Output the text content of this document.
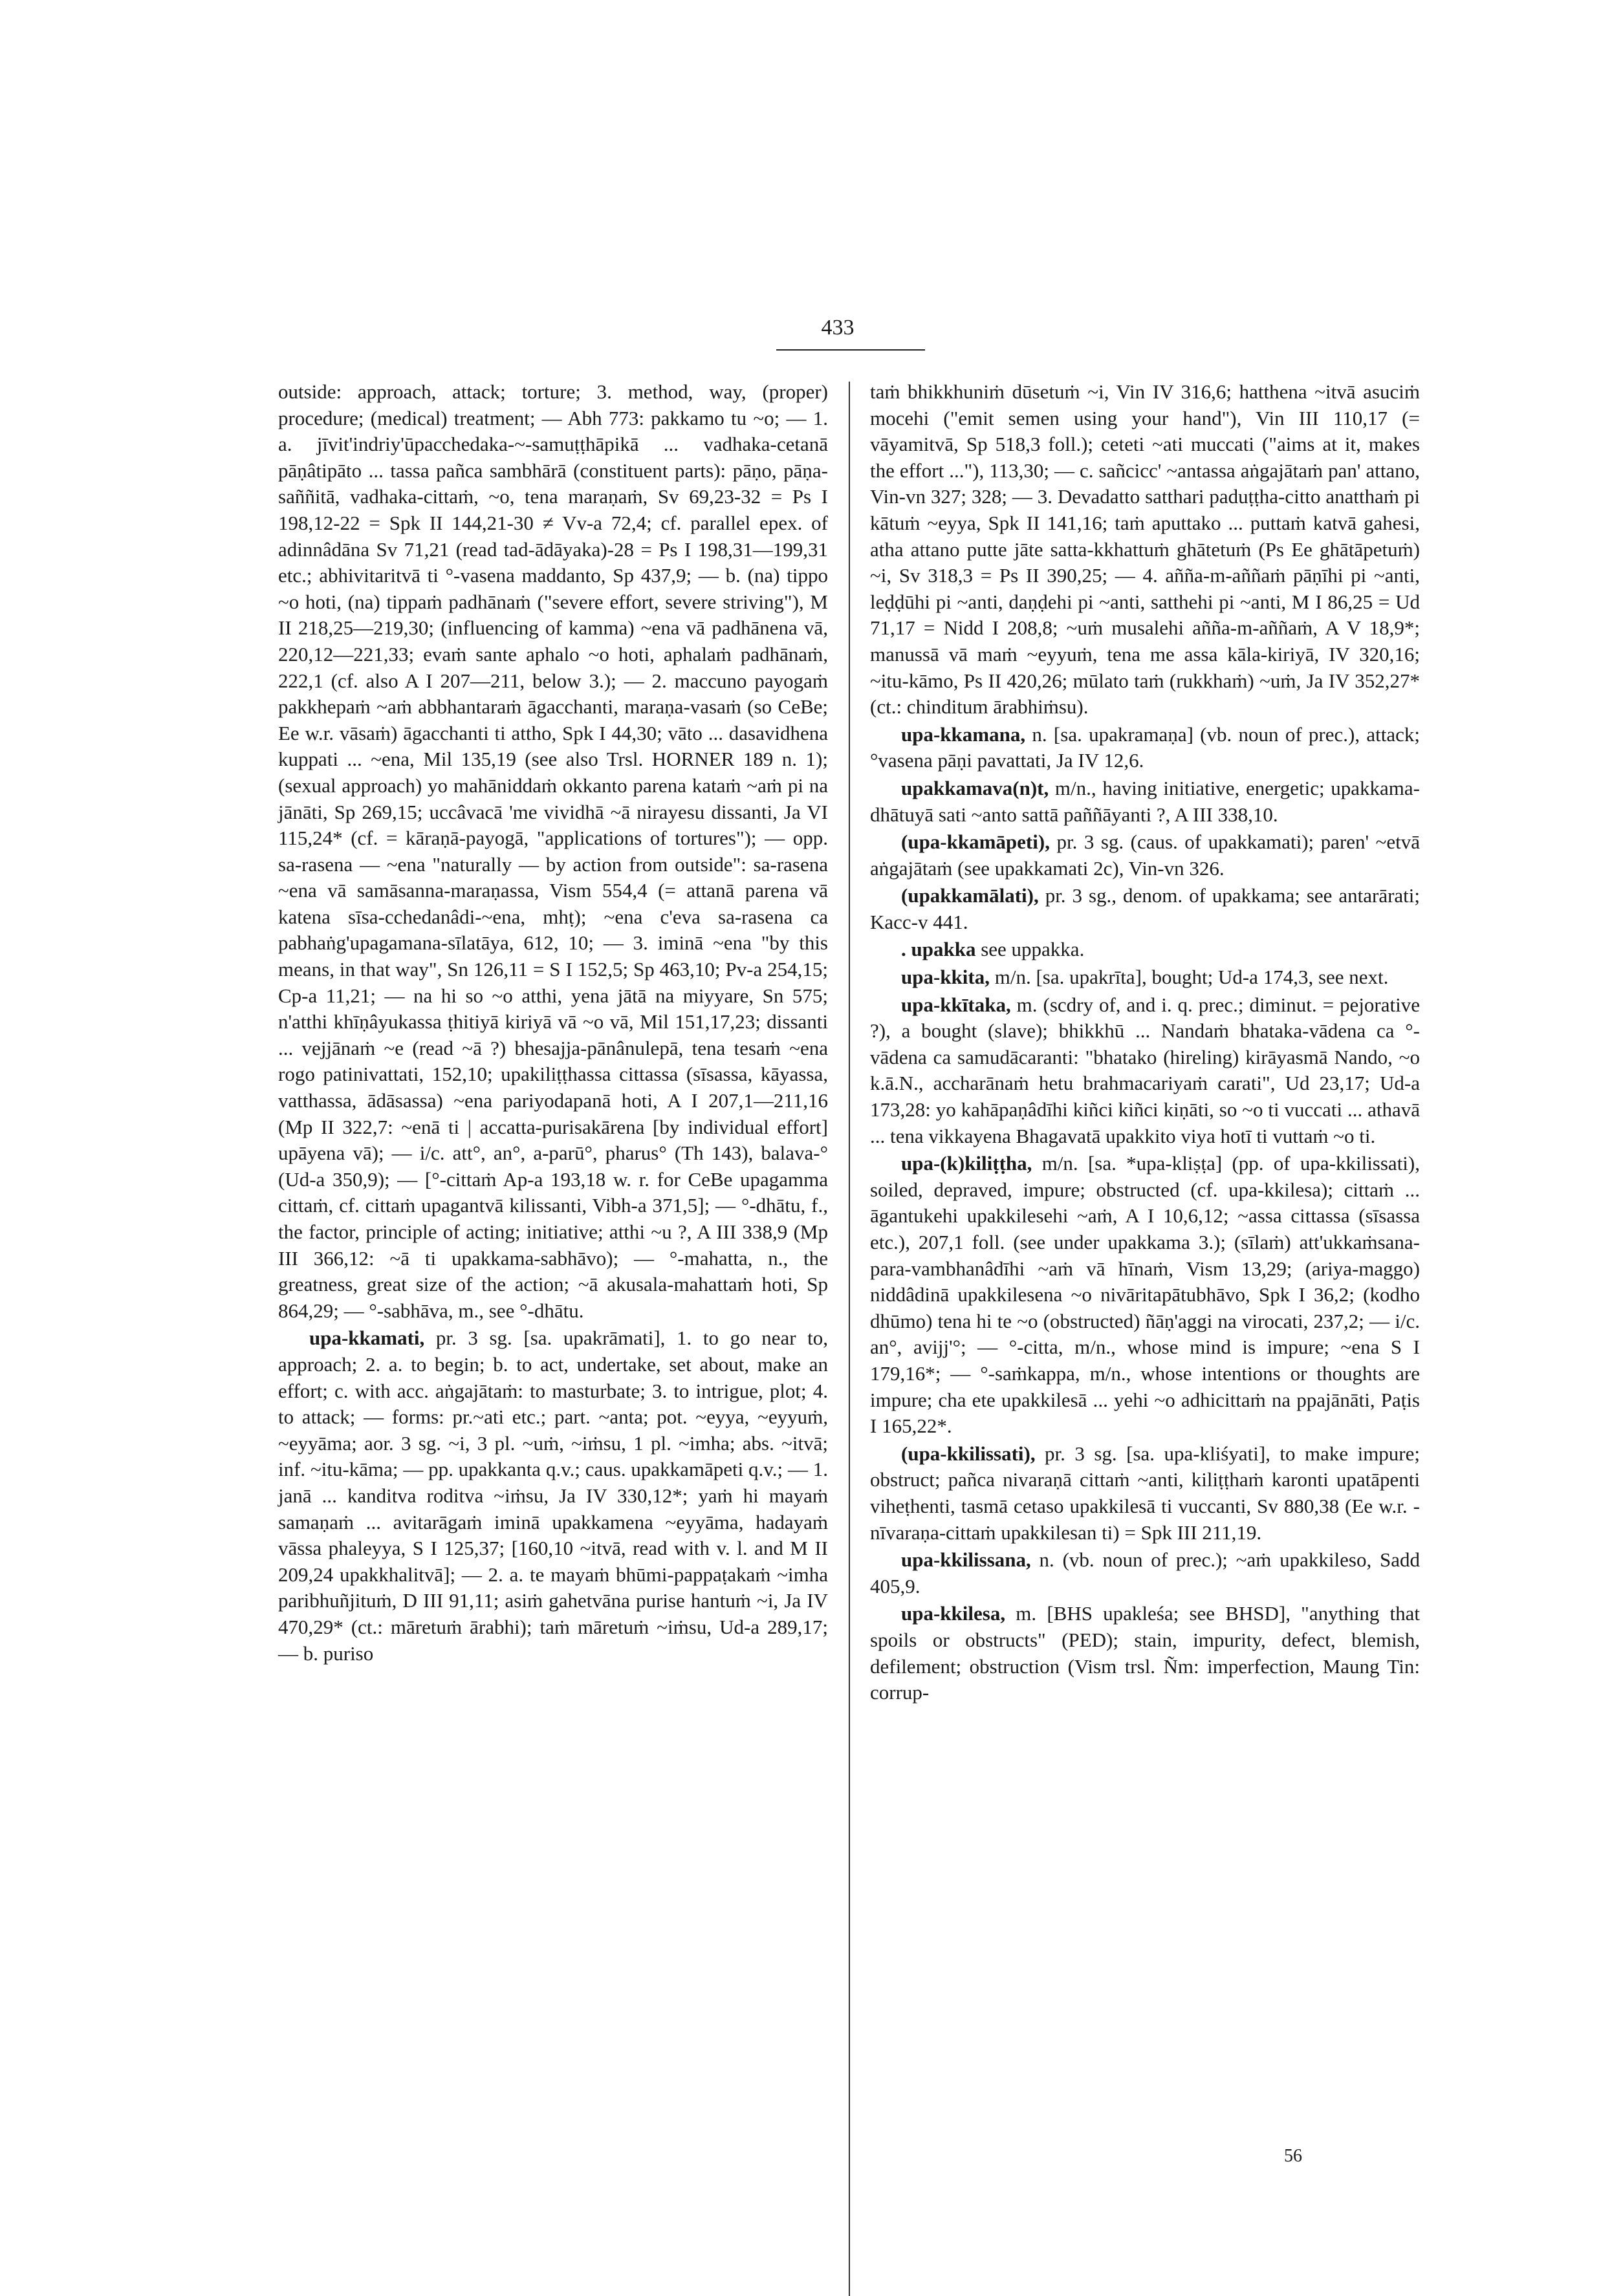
433

outside: approach, attack; torture; 3. method, way, (proper) procedure; (medical) treatment; — Abh 773: pakkamo tu ~o; — 1. a. jīvit'indriy'ūpacchedaka-~-samuṭṭhāpikā ... vadhaka-cetanā pāṇâtipāto ... tassa pañca sambhārā (constituent parts): pāṇo, pāṇa-saññitā, vadhaka-cittaṁ, ~o, tena maraṇaṁ, Sv 69,23-32 = Ps I 198,12-22 = Spk II 144,21-30 ≠ Vv-a 72,4; cf. parallel epex. of adinnâdāna Sv 71,21 (read tad-ādāyaka)-28 = Ps I 198,31—199,31 etc.; abhivitaritvā ti °-vasena maddanto, Sp 437,9; — b. (na) tippo ~o hoti, (na) tippaṁ padhānaṁ ("severe effort, severe striving"), M II 218,25—219,30; (influencing of kamma) ~ena vā padhānena vā, 220,12—221,33; evaṁ sante aphalo ~o hoti, aphalaṁ padhānaṁ, 222,1 (cf. also A I 207—211, below 3.); — 2. maccuno payogaṁ pakkhepaṁ ~aṁ abbhantaraṁ āgacchanti, maraṇa-vasaṁ (so CeBe; Ee w.r. vāsaṁ) āgacchanti ti attho, Spk I 44,30; vāto ... dasavidhena kuppati ... ~ena, Mil 135,19 (see also Trsl. HORNER 189 n. 1); (sexual approach) yo mahāniddaṁ okkanto parena kataṁ ~aṁ pi na jānāti, Sp 269,15; uccâvacā 'me vividhā ~ā nirayesu dissanti, Ja VI 115,24* (cf. = kāraṇā-payogā, "applications of tortures"); — opp. sa-rasena — ~ena "naturally — by action from outside": sa-rasena ~ena vā samāsanna-maraṇassa, Vism 554,4 (= attanā parena vā katena sīsa-cchedanâdi-~ena, mhṭ); ~ena c'eva sa-rasena ca pabhaṅg'upagamana-sīlatāya, 612, 10; — 3. iminā ~ena "by this means, in that way", Sn 126,11 = S I 152,5; Sp 463,10; Pv-a 254,15; Cp-a 11,21; — na hi so ~o atthi, yena jātā na miyyare, Sn 575; n'atthi khīṇâyukassa ṭhitiyā kiriyā vā ~o vā, Mil 151,17,23; dissanti ... vejjānaṁ ~e (read ~ā ?) bhesajja-pānânulepā, tena tesaṁ ~ena rogo patinivattati, 152,10; upakiliṭṭhassa cittassa (sīsassa, kāyassa, vatthassa, ādāsassa) ~ena pariyodapanā hoti, A I 207,1—211,16 (Mp II 322,7: ~enā ti | accatta-purisakārena [by individual effort] upāyena vā); — i/c. att°, an°, a-parū°, pharus° (Th 143), balava-° (Ud-a 350,9); — [°-cittaṁ Ap-a 193,18 w. r. for CeBe upagamma cittaṁ, cf. cittaṁ upagantvā kilissanti, Vibh-a 371,5]; — °-dhātu, f., the factor, principle of acting; initiative; atthi ~u ?, A III 338,9 (Mp III 366,12: ~ā ti upakkama-sabhāvo); — °-mahatta, n., the greatness, great size of the action; ~ā akusala-mahattaṁ hoti, Sp 864,29; — °-sabhāva, m., see °-dhātu.

upa-kkamati, pr. 3 sg. [sa. upakrāmati], 1. to go near to, approach; 2. a. to begin; b. to act, undertake, set about, make an effort; c. with acc. aṅgajātaṁ: to masturbate; 3. to intrigue, plot; 4. to attack; — forms: pr.~ati etc.; part. ~anta; pot. ~eyya, ~eyyuṁ, ~eyyāma; aor. 3 sg. ~i, 3 pl. ~uṁ, ~iṁsu, 1 pl. ~imha; abs. ~itvā; inf. ~itu-kāma; — pp. upakkanta q.v.; caus. upakkamāpeti q.v.; — 1. janā ... kanditva roditva ~iṁsu, Ja IV 330,12*; yaṁ hi mayaṁ samaṇaṁ ... avitarāgaṁ iminā upakkamena ~eyyāma, hadayaṁ vāssa phaleyya, S I 125,37; [160,10 ~itvā, read with v. l. and M II 209,24 upakkhalitvā]; — 2. a. te mayaṁ bhūmi-pappaṭakaṁ ~imha paribhuñjituṁ, D III 91,11; asiṁ gahetvāna purise hantuṁ ~i, Ja IV 470,29* (ct.: māretuṁ ārabhi); taṁ māretuṁ ~iṁsu, Ud-a 289,17; — b. puriso

taṁ bhikkhuniṁ dūsetuṁ ~i, Vin IV 316,6; hatthena ~itvā asuciṁ mocehi ("emit semen using your hand"), Vin III 110,17 (= vāyamitvā, Sp 518,3 foll.); ceteti ~ati muccati ("aims at it, makes the effort ..."), 113,30; — c. sañcicc' ~antassa aṅgajātaṁ pan' attano, Vin-vn 327; 328; — 3. Devadatto satthari paduṭṭha-citto anatthaṁ pi kātuṁ ~eyya, Spk II 141,16; taṁ aputtako ... puttaṁ katvā gahesi, atha attano putte jāte satta-kkhattuṁ ghātetuṁ (Ps Ee ghātāpetuṁ) ~i, Sv 318,3 = Ps II 390,25; — 4. añña-m-aññaṁ pāṇīhi pi ~anti, leḍḍūhi pi ~anti, daṇḍehi pi ~anti, satthehi pi ~anti, M I 86,25 = Ud 71,17 = Nidd I 208,8; ~uṁ musalehi añña-m-aññaṁ, A V 18,9*; manussā vā maṁ ~eyyuṁ, tena me assa kāla-kiriyā, IV 320,16; ~itu-kāmo, Ps II 420,26; mūlato taṁ (rukkhaṁ) ~uṁ, Ja IV 352,27* (ct.: chinditum ārabhiṁsu).

upa-kkamana, n. [sa. upakramaṇa] (vb. noun of prec.), attack; °vasena pāṇi pavattati, Ja IV 12,6.

upakkamava(n)t, m/n., having initiative, energetic; upakkama-dhātuyā sati ~anto sattā paññāyanti ?, A III 338,10.

(upa-kkamāpeti), pr. 3 sg. (caus. of upakkamati); paren' ~etvā aṅgajātaṁ (see upakkamati 2c), Vin-vn 326.

(upakkamālati), pr. 3 sg., denom. of upakkama; see antarārati; Kacc-v 441.

. upakka see uppakka.

upa-kkita, m/n. [sa. upakrīta], bought; Ud-a 174,3, see next.

upa-kkītaka, m. (scdry of, and i. q. prec.; diminut. = pejorative ?), a bought (slave); bhikkhū ... Nandaṁ bhataka-vādena ca °-vādena ca samudācaranti: "bhatako (hireling) kirāyasmā Nando, ~o k.ā.N., accharānaṁ hetu brahmacariyaṁ carati", Ud 23,17; Ud-a 173,28: yo kahāpaṇâdīhi kiñci kiñci kiṇāti, so ~o ti vuccati ... athavā ... tena vikkayena Bhagavatā upakkito viya hotī ti vuttaṁ ~o ti.

upa-(k)kiliṭṭha, m/n. [sa. *upa-kliṣṭa] (pp. of upa-kkilissati), soiled, depraved, impure; obstructed (cf. upa-kkilesa); cittaṁ ... āgantukehi upakkilesehi ~aṁ, A I 10,6,12; ~assa cittassa (sīsassa etc.), 207,1 foll. (see under upakkama 3.); (sīlaṁ) att'ukkaṁsana-para-vambhanâdīhi ~aṁ vā hīnaṁ, Vism 13,29; (ariya-maggo) niddâdinā upakkilesena ~o nivāritapātubhāvo, Spk I 36,2; (kodho dhūmo) tena hi te ~o (obstructed) ñāṇ'aggi na virocati, 237,2; — i/c. an°, avijj'°; — °-citta, m/n., whose mind is impure; ~ena S I 179,16*; — °-saṁkappa, m/n., whose intentions or thoughts are impure; cha ete upakkilesā ... yehi ~o adhicittaṁ na ppajānāti, Paṭis I 165,22*.

(upa-kkilissati), pr. 3 sg. [sa. upa-kliśyati], to make impure; obstruct; pañca nivaraṇā cittaṁ ~anti, kiliṭṭhaṁ karonti upatāpenti viheṭhenti, tasmā cetaso upakkilesā ti vuccanti, Sv 880,38 (Ee w.r. -nīvaraṇa-cittaṁ upakkilesan ti) = Spk III 211,19.

upa-kkilissana, n. (vb. noun of prec.); ~aṁ upakkileso, Sadd 405,9.

upa-kkilesa, m. [BHS upakleśa; see BHSD], "anything that spoils or obstructs" (PED); stain, impurity, defect, blemish, defilement; obstruction (Vism trsl. Ñm: imperfection, Maung Tin: corrup-

56
